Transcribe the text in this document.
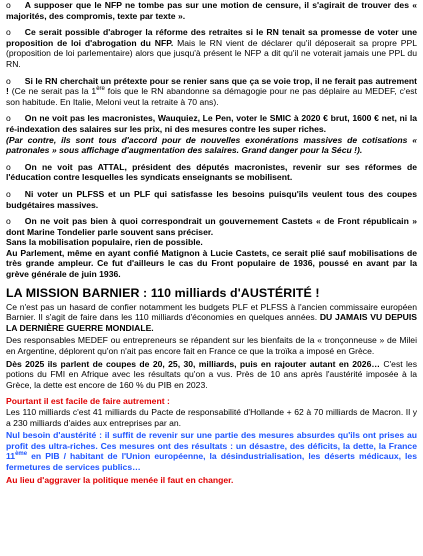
o A supposer que le NFP ne tombe pas sur une motion de censure, il s'agirait de trouver des « majorités, des compromis, texte par texte ».

o Ce serait possible d'abroger la réforme des retraites si le RN tenait sa promesse de voter une proposition de loi d'abrogation du NFP. Mais le RN vient de déclarer qu'il déposerait sa propre PPL (proposition de loi parlementaire) alors que jusqu'à présent le NFP a dit qu'il ne voterait jamais une PPL du RN.

o Si le RN cherchait un prétexte pour se renier sans que ça se voie trop, il ne ferait pas autrement ! (Ce ne serait pas la 1ère fois que le RN abandonne sa démagogie pour ne pas déplaire au MEDEF, c'est son habitude. En Italie, Meloni veut la retraite à 70 ans).

o On ne voit pas les macronistes, Wauquiez, Le Pen, voter le SMIC à 2020 € brut, 1600 € net, ni la ré-indexation des salaires sur les prix, ni des mesures contre les super riches.
(Par contre, ils sont tous d'accord pour de nouvelles exonérations massives de cotisations « patronales » sous affichage d'augmentation des salaires. Grand danger pour la Sécu !).

o On ne voit pas ATTAL, président des députés macronistes, revenir sur ses réformes de l'éducation contre lesquelles les syndicats enseignants se mobilisent.

o Ni voter un PLFSS et un PLF qui satisfasse les besoins puisqu'ils veulent tous des coupes budgétaires massives.

o On ne voit pas bien à quoi correspondrait un gouvernement Castets « de Front républicain » dont Marine Tondelier parle souvent sans préciser.
Sans la mobilisation populaire, rien de possible.
Au Parlement, même en ayant confié Matignon à Lucie Castets, ce serait plié sauf mobilisations de très grande ampleur. Ce fut d'ailleurs le cas du Front populaire de 1936, poussé en avant par la grève générale de juin 1936.

LA MISSION BARNIER : 110 milliards d'AUSTÉRITÉ !

Ce n'est pas un hasard de confier notamment les budgets PLF et PLFSS à l'ancien commissaire européen Barnier. Il s'agit de faire dans les 110 milliards d'économies en quelques années. DU JAMAIS VU DEPUIS LA DERNIÈRE GUERRE MONDIALE.

Des responsables MEDEF ou entrepreneurs se répandent sur les bienfaits de la « tronçonneuse » de Milei en Argentine, déplorent qu'on n'ait pas encore fait en France ce que la troïka a imposé en Grèce.

Dès 2025 ils parlent de coupes de 20, 25, 30, milliards, puis en rajouter autant en 2026… C'est les potions du FMI en Afrique avec les résultats qu'on a vus. Près de 10 ans après l'austérité imposée à la Grèce, la dette est encore de 160 % du PIB en 2023.

Pourtant il est facile de faire autrement :
Les 110 milliards c'est 41 milliards du Pacte de responsabilité d'Hollande + 62 à 70 milliards de Macron. Il y a 230 milliards d'aides aux entreprises par an.

Nul besoin d'austérité : il suffit de revenir sur une partie des mesures absurdes qu'ils ont prises au profit des ultra-riches. Ces mesures ont des résultats : un désastre, des déficits, la dette, la France 11ème en PIB / habitant de l'Union européenne, la désindustrialisation, les déserts médicaux, les fermetures de services publics…

Au lieu d'aggraver la politique menée il faut en changer.
